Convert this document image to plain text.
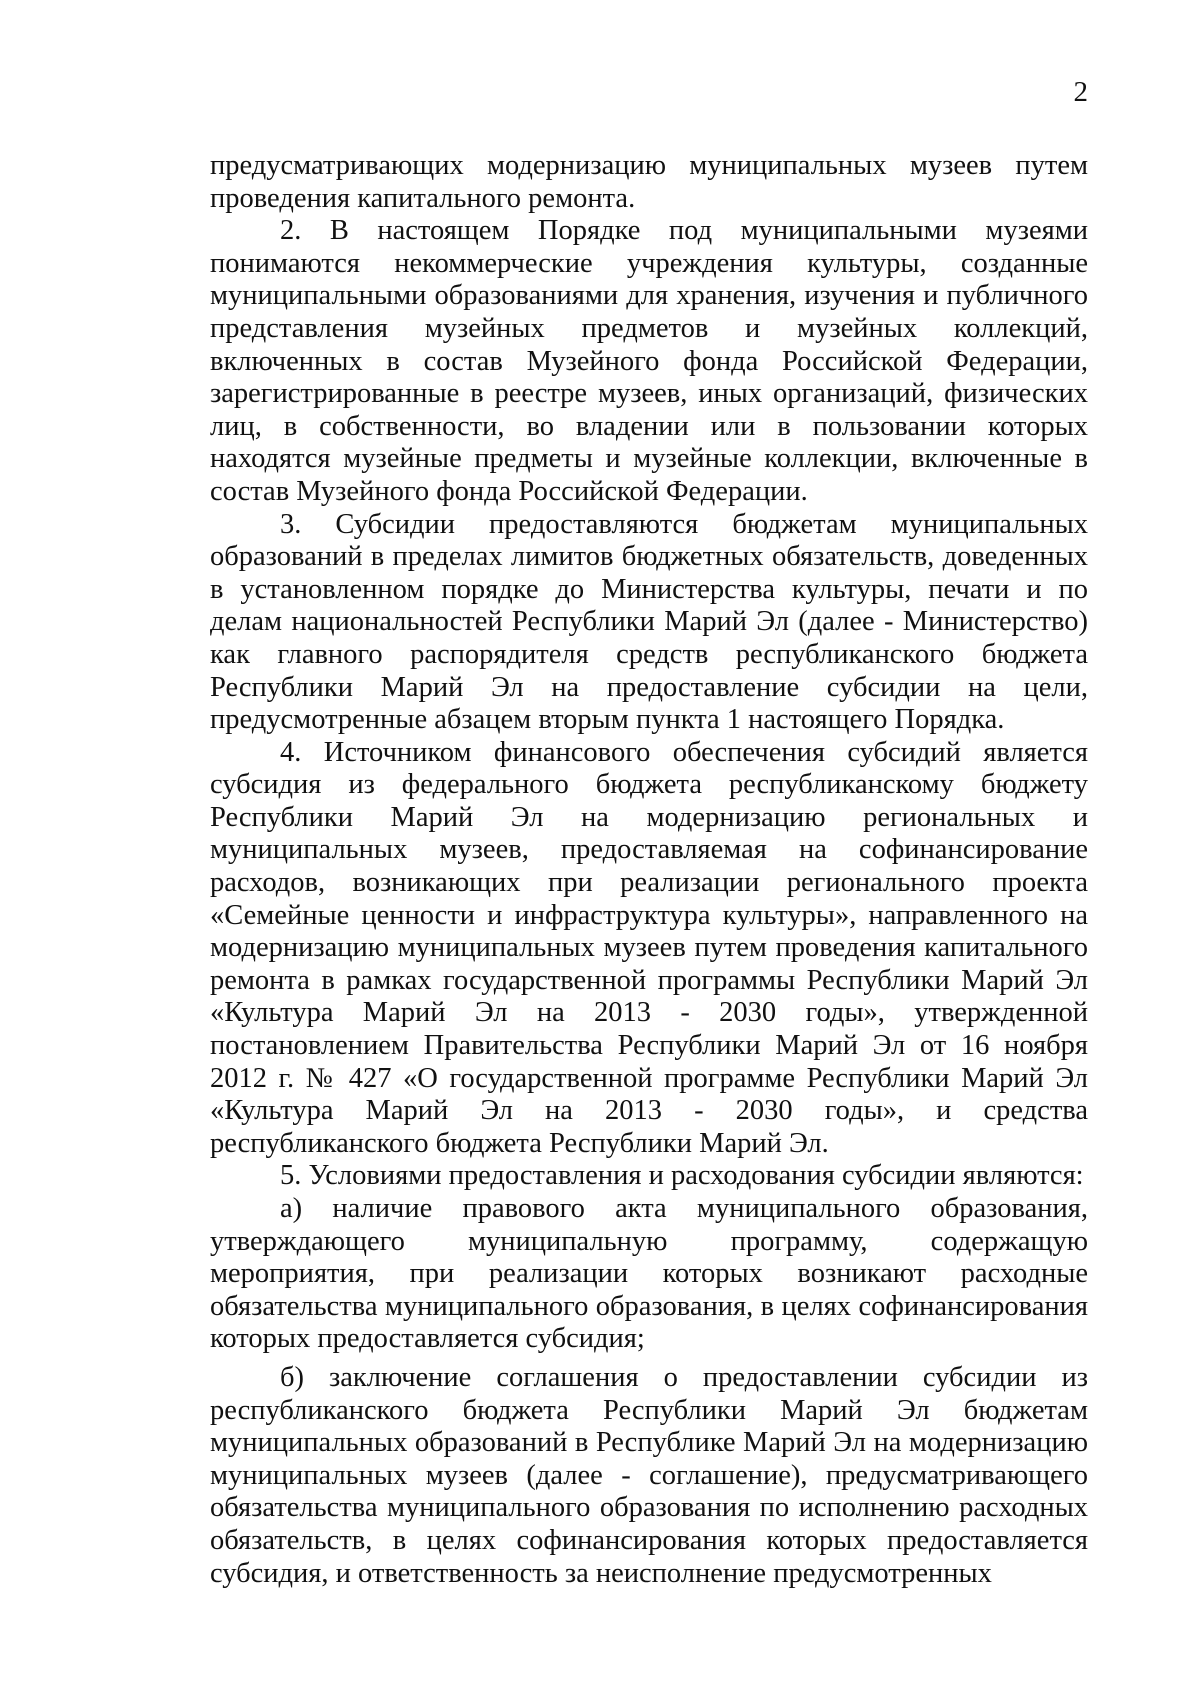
2

предусматривающих модернизацию муниципальных музеев путем проведения капитального ремонта.

2. В настоящем Порядке под муниципальными музеями понимаются некоммерческие учреждения культуры, созданные муниципальными образованиями для хранения, изучения и публичного представления музейных предметов и музейных коллекций, включенных в состав Музейного фонда Российской Федерации, зарегистрированные в реестре музеев, иных организаций, физических лиц, в собственности, во владении или в пользовании которых находятся музейные предметы и музейные коллекции, включенные в состав Музейного фонда Российской Федерации.

3. Субсидии предоставляются бюджетам муниципальных образований в пределах лимитов бюджетных обязательств, доведенных в установленном порядке до Министерства культуры, печати и по делам национальностей Республики Марий Эл (далее - Министерство) как главного распорядителя средств республиканского бюджета Республики Марий Эл на предоставление субсидии на цели, предусмотренные абзацем вторым пункта 1 настоящего Порядка.

4. Источником финансового обеспечения субсидий является субсидия из федерального бюджета республиканскому бюджету Республики Марий Эл на модернизацию региональных и муниципальных музеев, предоставляемая на софинансирование расходов, возникающих при реализации регионального проекта «Семейные ценности и инфраструктура культуры», направленного на модернизацию муниципальных музеев путем проведения капитального ремонта в рамках государственной программы Республики Марий Эл «Культура Марий Эл на 2013 - 2030 годы», утвержденной постановлением Правительства Республики Марий Эл от 16 ноября 2012 г. № 427 «О государственной программе Республики Марий Эл «Культура Марий Эл на 2013 - 2030 годы», и средства республиканского бюджета Республики Марий Эл.

5. Условиями предоставления и расходования субсидии являются:

а) наличие правового акта муниципального образования, утверждающего муниципальную программу, содержащую мероприятия, при реализации которых возникают расходные обязательства муниципального образования, в целях софинансирования которых предоставляется субсидия;

б) заключение соглашения о предоставлении субсидии из республиканского бюджета Республики Марий Эл бюджетам муниципальных образований в Республике Марий Эл на модернизацию муниципальных музеев (далее - соглашение), предусматривающего обязательства муниципального образования по исполнению расходных обязательств, в целях софинансирования которых предоставляется субсидия, и ответственность за неисполнение предусмотренных
